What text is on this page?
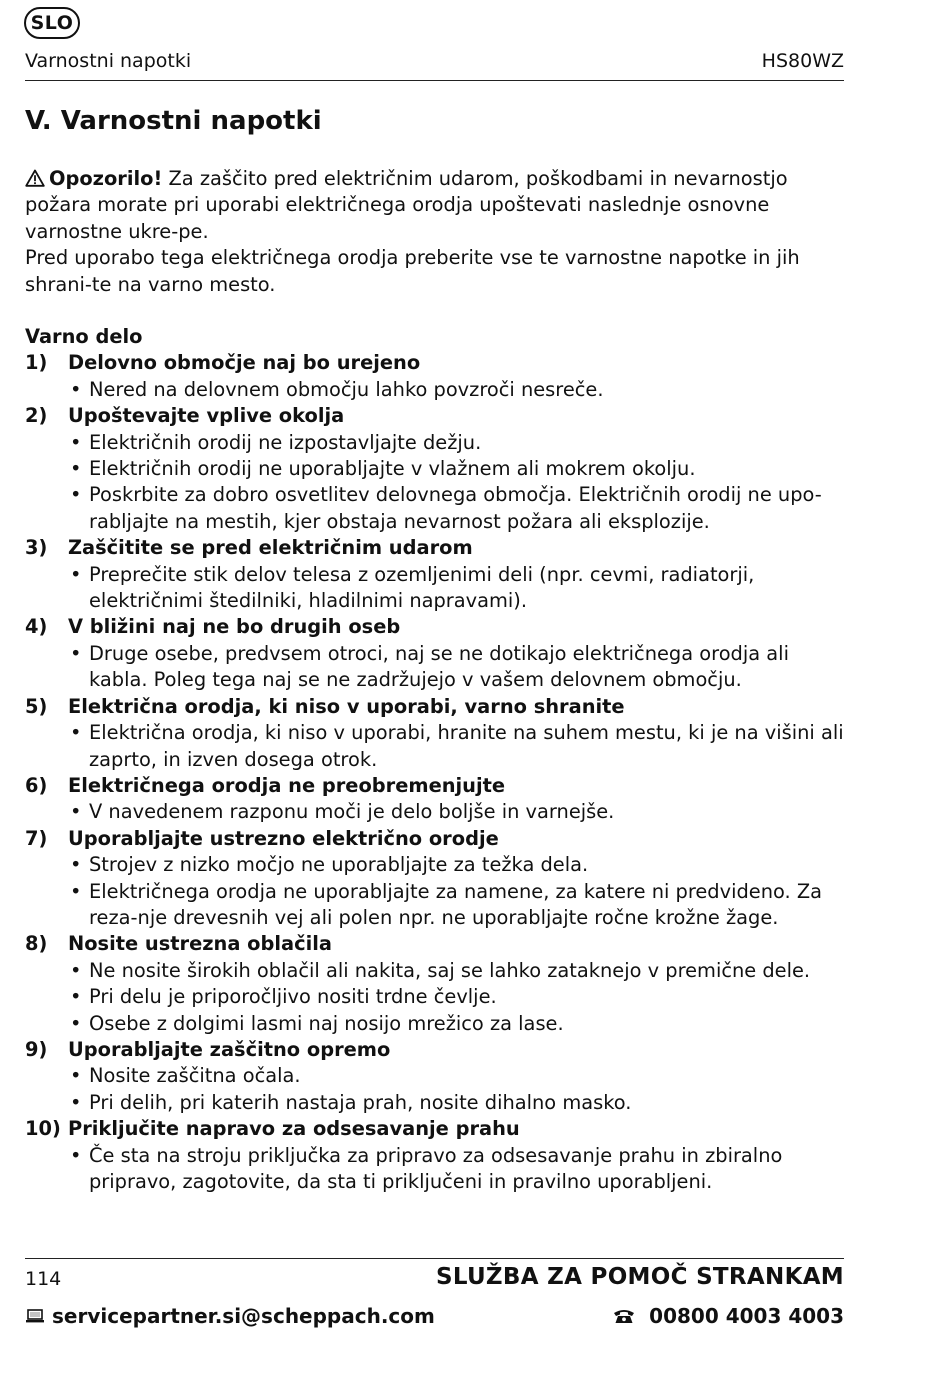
SLO
Varnostni napotki	HS80WZ
V. Varnostni napotki

Opozorilo! Za zaščito pred električnim udarom, poškodbami in nevarnostjo požara morate pri uporabi električnega orodja upoštevati naslednje osnovne varnostne ukre-pe.

Pred uporabo tega električnega orodja preberite vse te varnostne napotke in jih shrani-te na varno mesto.

Varno delo
1) Delovno območje naj bo urejeno
• Nered na delovnem območju lahko povzroči nesreče.
2) Upoštevajte vplive okolja
• Električnih orodij ne izpostavljajte dežju.
• Električnih orodij ne uporabljajte v vlažnem ali mokrem okolju.
• Poskrbite za dobro osvetlitev delovnega območja. Električnih orodij ne upo-rabljajte na mestih, kjer obstaja nevarnost požara ali eksplozije.
3) Zaščitite se pred električnim udarom
• Preprečite stik delov telesa z ozemljenimi deli (npr. cevmi, radiatorji, električnimi štedilniki, hladilnimi napravami).
4) V bližini naj ne bo drugih oseb
• Druge osebe, predvsem otroci, naj se ne dotikajo električnega orodja ali kabla. Poleg tega naj se ne zadržujejo v vašem delovnem območju.
5) Električna orodja, ki niso v uporabi, varno shranite
• Električna orodja, ki niso v uporabi, hranite na suhem mestu, ki je na višini ali zaprto, in izven dosega otrok.
6) Električnega orodja ne preobremenjujte
• V navedenem razponu moči je delo boljše in varnejše.
7) Uporabljajte ustrezno električno orodje
• Strojev z nizko močjo ne uporabljajte za težka dela.
• Električnega orodja ne uporabljajte za namene, za katere ni predvideno. Za reza-nje drevesnih vej ali polen npr. ne uporabljajte ročne krožne žage.
8) Nosite ustrezna oblačila
• Ne nosite širokih oblačil ali nakita, saj se lahko zataknejo v premične dele.
• Pri delu je priporočljivo nositi trdne čevlje.
• Osebe z dolgimi lasmi naj nosijo mrežico za lase.
9) Uporabljajte zaščitno opremo
• Nosite zaščitna očala.
• Pri delih, pri katerih nastaja prah, nosite dihalno masko.
10) Priključite napravo za odsesavanje prahu
• Če sta na stroju priključka za pripravo za odsesavanje prahu in zbiralno pripravo, zagotovite, da sta ti priključeni in pravilno uporabljeni.
114	SLUŽBA ZA POMOČ STRANKAM
servicepartner.si@scheppach.com	00800 4003 4003
